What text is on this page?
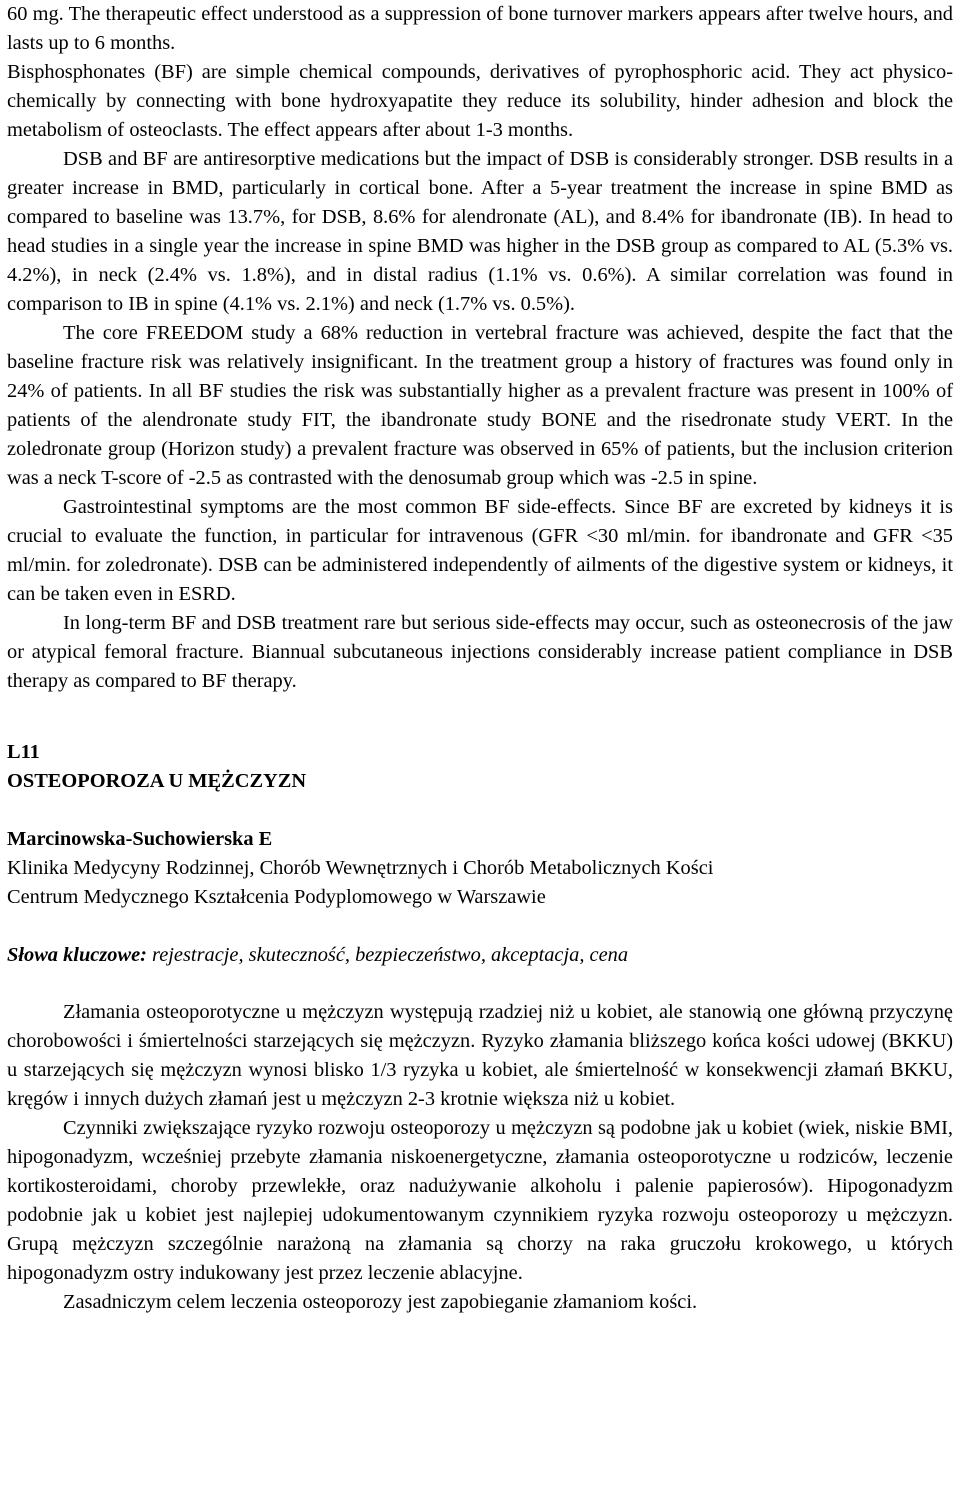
60 mg. The therapeutic effect understood as a suppression of bone turnover markers appears after twelve hours, and lasts up to 6 months.

Bisphosphonates (BF) are simple chemical compounds, derivatives of pyrophosphoric acid. They act physico-chemically by connecting with bone hydroxyapatite they reduce its solubility, hinder adhesion and block the metabolism of osteoclasts. The effect appears after about 1-3 months.

DSB and BF are antiresorptive medications but the impact of DSB is considerably stronger. DSB results in a greater increase in BMD, particularly in cortical bone. After a 5-year treatment the increase in spine BMD as compared to baseline was 13.7%, for DSB, 8.6% for alendronate (AL), and 8.4% for ibandronate (IB). In head to head studies in a single year the increase in spine BMD was higher in the DSB group as compared to AL (5.3% vs. 4.2%), in neck (2.4% vs. 1.8%), and in distal radius (1.1% vs. 0.6%). A similar correlation was found in comparison to IB in spine (4.1% vs. 2.1%) and neck (1.7% vs. 0.5%).

The core FREEDOM study a 68% reduction in vertebral fracture was achieved, despite the fact that the baseline fracture risk was relatively insignificant. In the treatment group a history of fractures was found only in 24% of patients. In all BF studies the risk was substantially higher as a prevalent fracture was present in 100% of patients of the alendronate study FIT, the ibandronate study BONE and the risedronate study VERT. In the zoledronate group (Horizon study) a prevalent fracture was observed in 65% of patients, but the inclusion criterion was a neck T-score of -2.5 as contrasted with the denosumab group which was -2.5 in spine.

Gastrointestinal symptoms are the most common BF side-effects. Since BF are excreted by kidneys it is crucial to evaluate the function, in particular for intravenous (GFR <30 ml/min. for ibandronate and GFR <35 ml/min. for zoledronate). DSB can be administered independently of ailments of the digestive system or kidneys, it can be taken even in ESRD.

In long-term BF and DSB treatment rare but serious side-effects may occur, such as osteonecrosis of the jaw or atypical femoral fracture. Biannual subcutaneous injections considerably increase patient compliance in DSB therapy as compared to BF therapy.

L11

OSTEOPOROZA U MĘŻCZYZN

Marcinowska-Suchowierska E

Klinika Medycyny Rodzinnej, Chorób Wewnętrznych i Chorób Metabolicznych Kości

Centrum Medycznego Kształcenia Podyplomowego w Warszawie

Słowa kluczowe: rejestracje, skuteczność, bezpieczeństwo, akceptacja, cena

Złamania osteoporotyczne u mężczyzn występują rzadziej niż u kobiet, ale stanowią one główną przyczynę chorobowości i śmiertelności starzejących się mężczyzn. Ryzyko złamania bliższego końca kości udowej (BKKU) u starzejących się mężczyzn wynosi blisko 1/3 ryzyka u kobiet, ale śmiertelność w konsekwencji złamań BKKU, kręgów i innych dużych złamań jest u mężczyzn 2-3 krotnie większa niż u kobiet.

Czynniki zwiększające ryzyko rozwoju osteoporozy u mężczyzn są podobne jak u kobiet (wiek, niskie BMI, hipogonadyzm, wcześniej przebyte złamania niskoenergetyczne, złamania osteoporotyczne u rodziców, leczenie kortikosteroidami, choroby przewlekłe, oraz nadużywanie alkoholu i palenie papierosów). Hipogonadyzm podobnie jak u kobiet jest najlepiej udokumentowanym czynnikiem ryzyka rozwoju osteoporozy u mężczyzn. Grupą mężczyzn szczególnie narażoną na złamania są chorzy na raka gruczołu krokowego, u których hipogonadyzm ostry indukowany jest przez leczenie ablacyjne.

Zasadniczym celem leczenia osteoporozy jest zapobieganie złamaniom kości.
